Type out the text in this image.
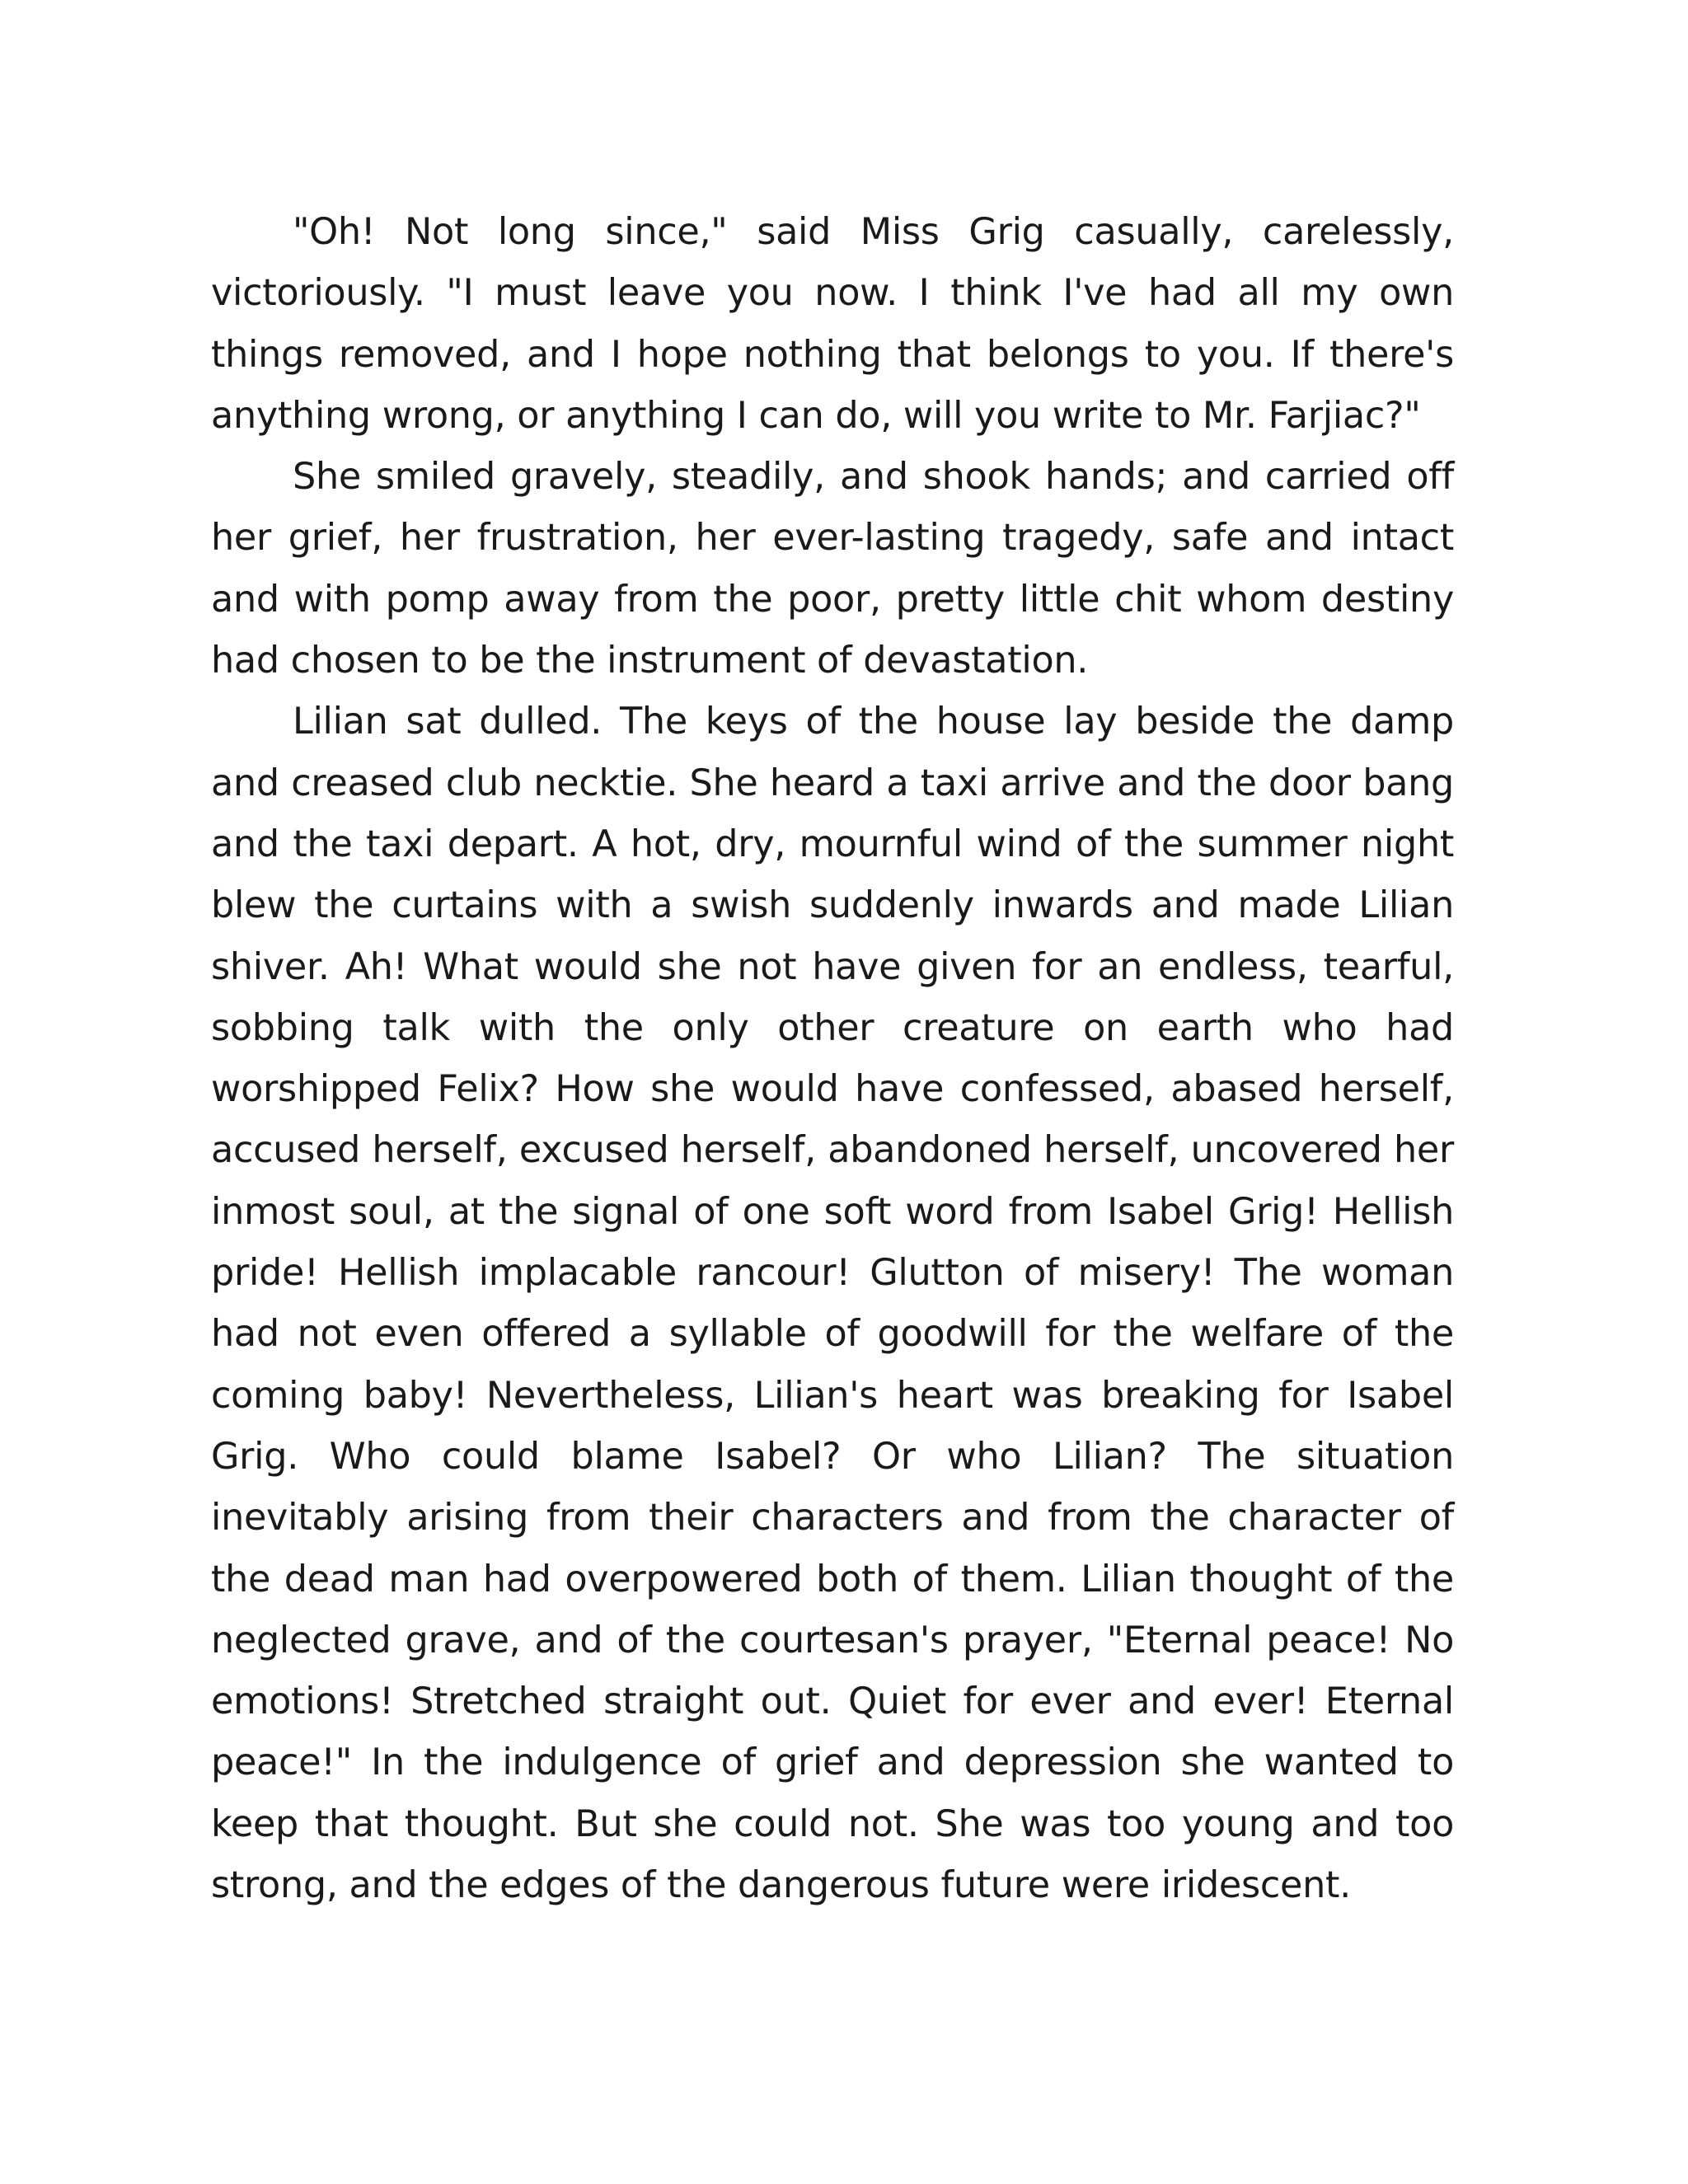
"Oh! Not long since," said Miss Grig casually, carelessly, victoriously. "I must leave you now. I think I've had all my own things removed, and I hope nothing that belongs to you. If there's anything wrong, or anything I can do, will you write to Mr. Farjiac?"

She smiled gravely, steadily, and shook hands; and carried off her grief, her frustration, her ever-lasting tragedy, safe and intact and with pomp away from the poor, pretty little chit whom destiny had chosen to be the instrument of devastation.

Lilian sat dulled. The keys of the house lay beside the damp and creased club necktie. She heard a taxi arrive and the door bang and the taxi depart. A hot, dry, mournful wind of the summer night blew the curtains with a swish suddenly inwards and made Lilian shiver. Ah! What would she not have given for an endless, tearful, sobbing talk with the only other creature on earth who had worshipped Felix? How she would have confessed, abased herself, accused herself, excused herself, abandoned herself, uncovered her inmost soul, at the signal of one soft word from Isabel Grig! Hellish pride! Hellish implacable rancour! Glutton of misery! The woman had not even offered a syllable of goodwill for the welfare of the coming baby! Nevertheless, Lilian's heart was breaking for Isabel Grig. Who could blame Isabel? Or who Lilian? The situation inevitably arising from their characters and from the character of the dead man had overpowered both of them. Lilian thought of the neglected grave, and of the courtesan's prayer, "Eternal peace! No emotions! Stretched straight out. Quiet for ever and ever! Eternal peace!" In the indulgence of grief and depression she wanted to keep that thought. But she could not. She was too young and too strong, and the edges of the dangerous future were iridescent.
